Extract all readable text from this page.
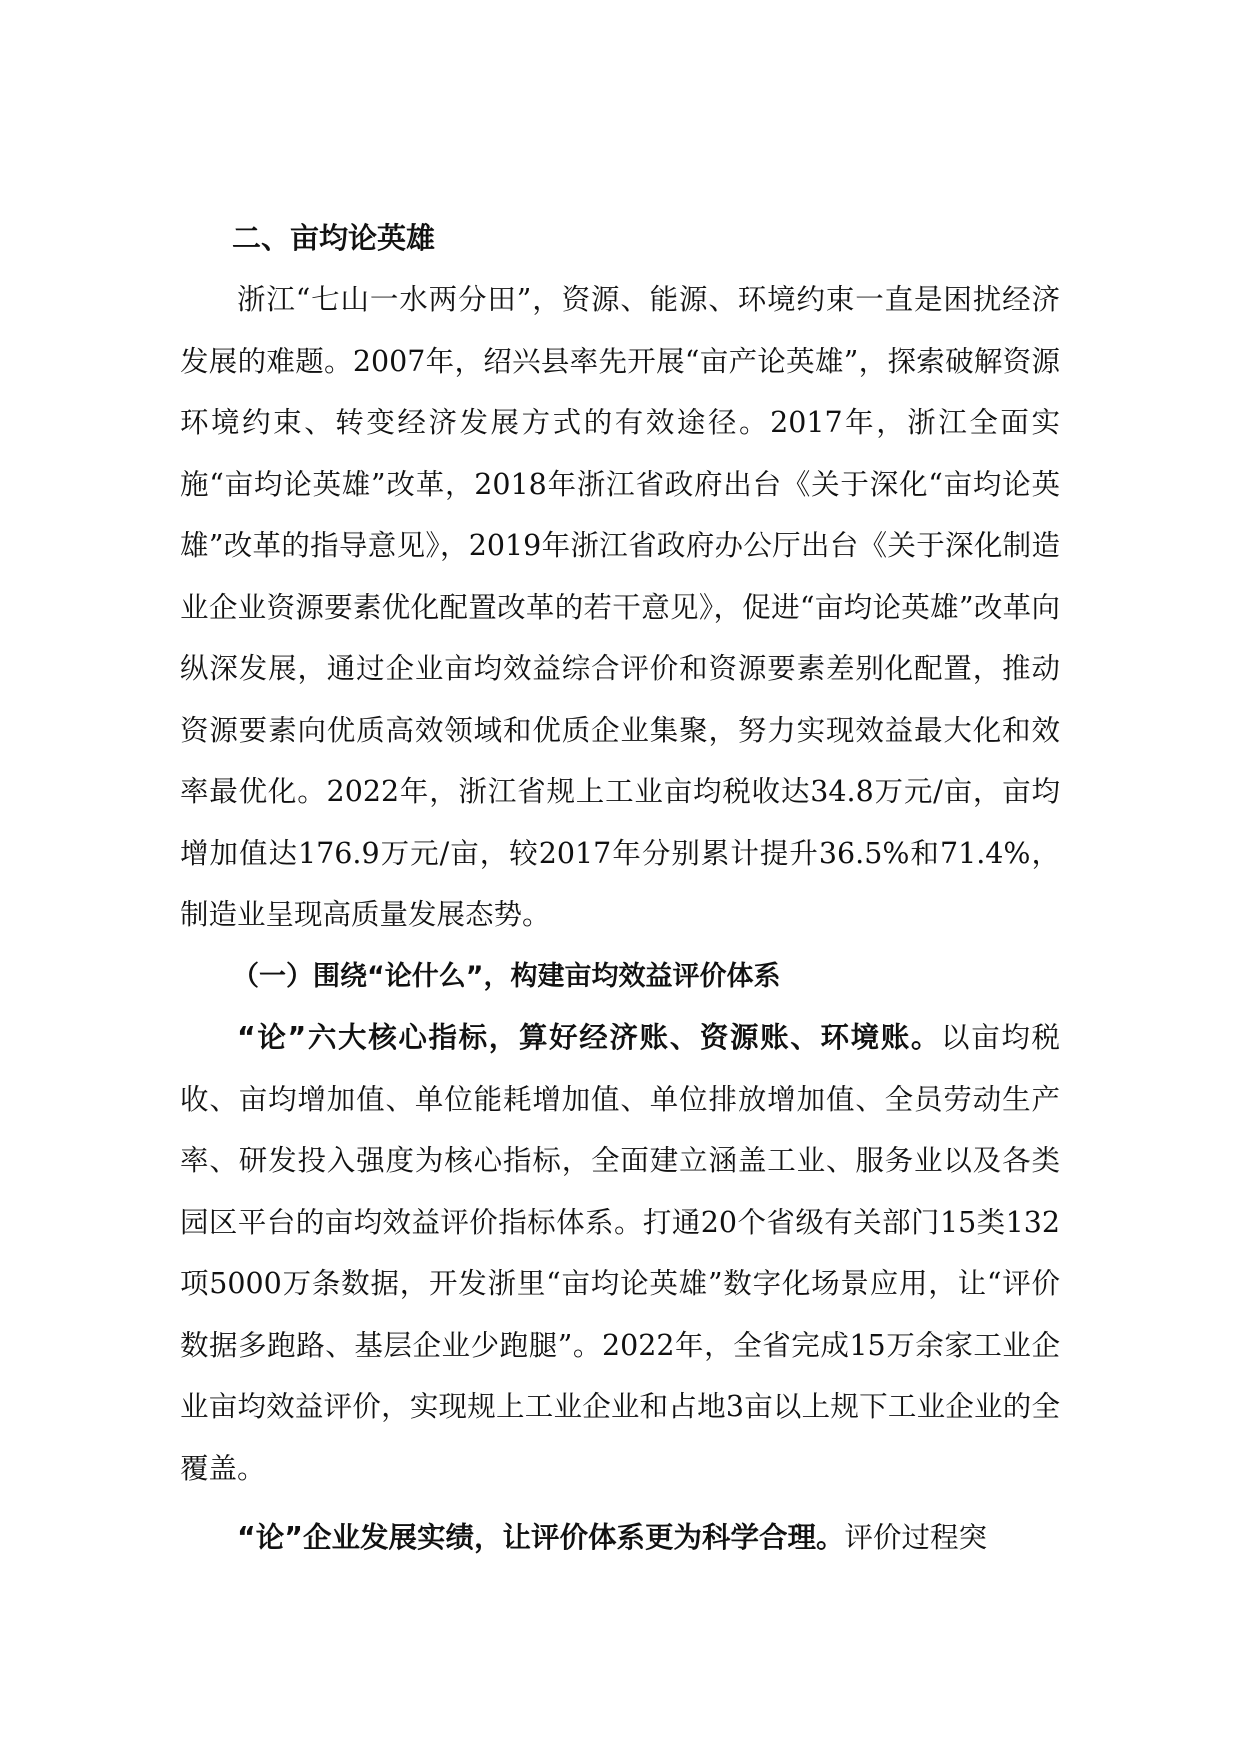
二、亩均论英雄

浙江“七山一水两分田”，资源、能源、环境约束一直是困扰经济发展的难题。2007年，绍兴县率先开展“亩产论英雄”，探索破解资源环境约束、转变经济发展方式的有效途径。2017年，浙江全面实施“亩均论英雄”改革，2018年浙江省政府出台《关于深化“亩均论英雄”改革的指导意见》，2019年浙江省政府办公厅出台《关于深化制造业企业资源要素优化配置改革的若干意见》，促进“亩均论英雄”改革向纵深发展，通过企业亩均效益综合评价和资源要素差别化配置，推动资源要素向优质高效领域和优质企业集聚，努力实现效益最大化和效率最优化。2022年，浙江省规上工业亩均税收达34.8万元/亩，亩均增加值达176.9万元/亩，较2017年分别累计提升36.5%和71.4%，制造业呈现高质量发展态势。

（一）围绕“论什么”，构建亩均效益评价体系

“论”六大核心指标，算好经济账、资源账、环境账。以亩均税收、亩均增加值、单位能耗增加值、单位排放增加值、全员劳动生产率、研发投入强度为核心指标，全面建立涵盖工业、服务业以及各类园区平台的亩均效益评价指标体系。打通20个省级有关部门15类132项5000万条数据，开发浙里“亩均论英雄”数字化场景应用，让“评价数据多跑路、基层企业少跑腿”。2022年，全省完成15万余家工业企业亩均效益评价，实现规上工业企业和占地3亩以上规下工业企业的全覆盖。

“论”企业发展实绩，让评价体系更为科学合理。评价过程突
